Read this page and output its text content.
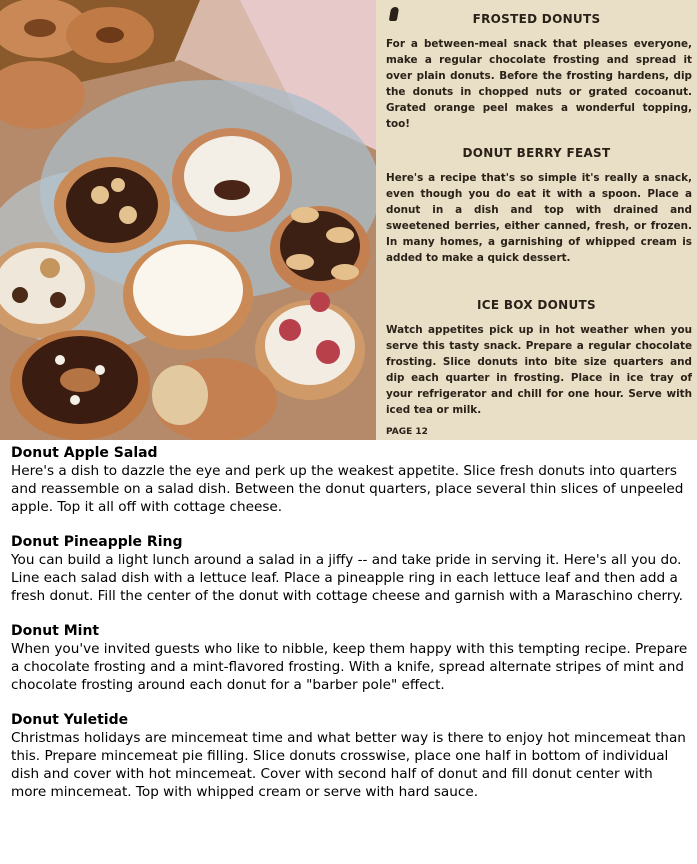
FROSTED DONUTS
For a between-meal snack that pleases everyone, make a regular chocolate frosting and spread it over plain donuts. Before the frosting hardens, dip the donuts in chopped nuts or grated cocoanut. Grated orange peel makes a wonderful topping, too!
DONUT BERRY FEAST
Here's a recipe that's so simple it's really a snack, even though you do eat it with a spoon. Place a donut in a dish and top with drained and sweetened berries, either canned, fresh, or frozen. In many homes, a garnishing of whipped cream is added to make a quick dessert.
ICE BOX DONUTS
Watch appetites pick up in hot weather when you serve this tasty snack. Prepare a regular chocolate frosting. Slice donuts into bite size quarters and dip each quarter in frosting. Place in ice tray of your refrigerator and chill for one hour. Serve with iced tea or milk.
PAGE 12
Donut Apple Salad

Here's a dish to dazzle the eye and perk up the weakest appetite. Slice fresh donuts into quarters and reassemble on a salad dish. Between the donut quarters, place several thin slices of unpeeled apple. Top it all off with cottage cheese.

Donut Pineapple Ring

You can build a light lunch around a salad in a jiffy -- and take pride in serving it. Here's all you do. Line each salad dish with a lettuce leaf. Place a pineapple ring in each lettuce leaf and then add a fresh donut. Fill the center of the donut with cottage cheese and garnish with a Maraschino cherry.

Donut Mint

When you've invited guests who like to nibble, keep them happy with this tempting recipe. Prepare a chocolate frosting and a mint-flavored frosting. With a knife, spread alternate stripes of mint and chocolate frosting around each donut for a "barber pole" effect.

Donut Yuletide

Christmas holidays are mincemeat time and what better way is there to enjoy hot mincemeat than this. Prepare mincemeat pie filling. Slice donuts crosswise, place one half in bottom of individual dish and cover with hot mincemeat. Cover with second half of donut and fill donut center with more mincemeat. Top with whipped cream or serve with hard sauce.
